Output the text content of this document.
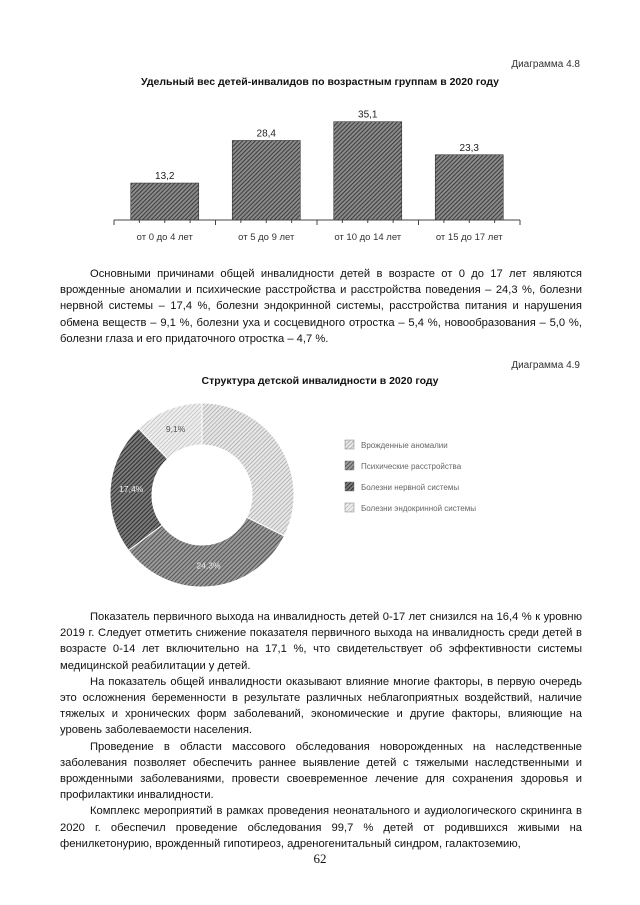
Диаграмма 4.8
Удельный вес детей-инвалидов по возрастным группам в 2020 году
13,2
от 0 до 4 лет
28,4
от 5 до 9 лет
35,1
от 10 до 14 лет
23,3
от 15 до 17 лет

Основными причинами общей инвалидности детей в возрасте от 0 до 17 лет являются врожденные аномалии и психические расстройства и расстройства поведения – 24,3 %, болезни нервной системы – 17,4 %, болезни эндокринной системы, расстройства питания и нарушения обмена веществ – 9,1 %, болезни уха и сосцевидного отростка – 5,4 %, новообразования – 5,0 %, болезни глаза и его придаточного отростка – 4,7 %.

Диаграмма 4.9
Структура детской инвалидности в 2020 году
24,3%
17,4%
9,1%
Врожденные аномалии
Психические расстройства
Болезни нервной системы
Болезни эндокринной системы

Показатель первичного выхода на инвалидность детей 0-17 лет снизился на 16,4 % к уровню 2019 г. Следует отметить снижение показателя первичного выхода на инвалидность среди детей в возрасте 0-14 лет включительно на 17,1 %, что свидетельствует об эффективности системы медицинской реабилитации у детей.

На показатель общей инвалидности оказывают влияние многие факторы, в первую очередь это осложнения беременности в результате различных неблагоприятных воздействий, наличие тяжелых и хронических форм заболеваний, экономические и другие факторы, влияющие на уровень заболеваемости населения.

Проведение в области массового обследования новорожденных на наследственные заболевания позволяет обеспечить раннее выявление детей с тяжелыми наследственными и врожденными заболеваниями, провести своевременное лечение для сохранения здоровья и профилактики инвалидности.

Комплекс мероприятий в рамках проведения неонатального и аудиологического скрининга в 2020 г. обеспечил проведение обследования 99,7 % детей от родившихся живыми на фенилкетонурию, врожденный гипотиреоз, адреногенитальный синдром, галактоземию,

62
